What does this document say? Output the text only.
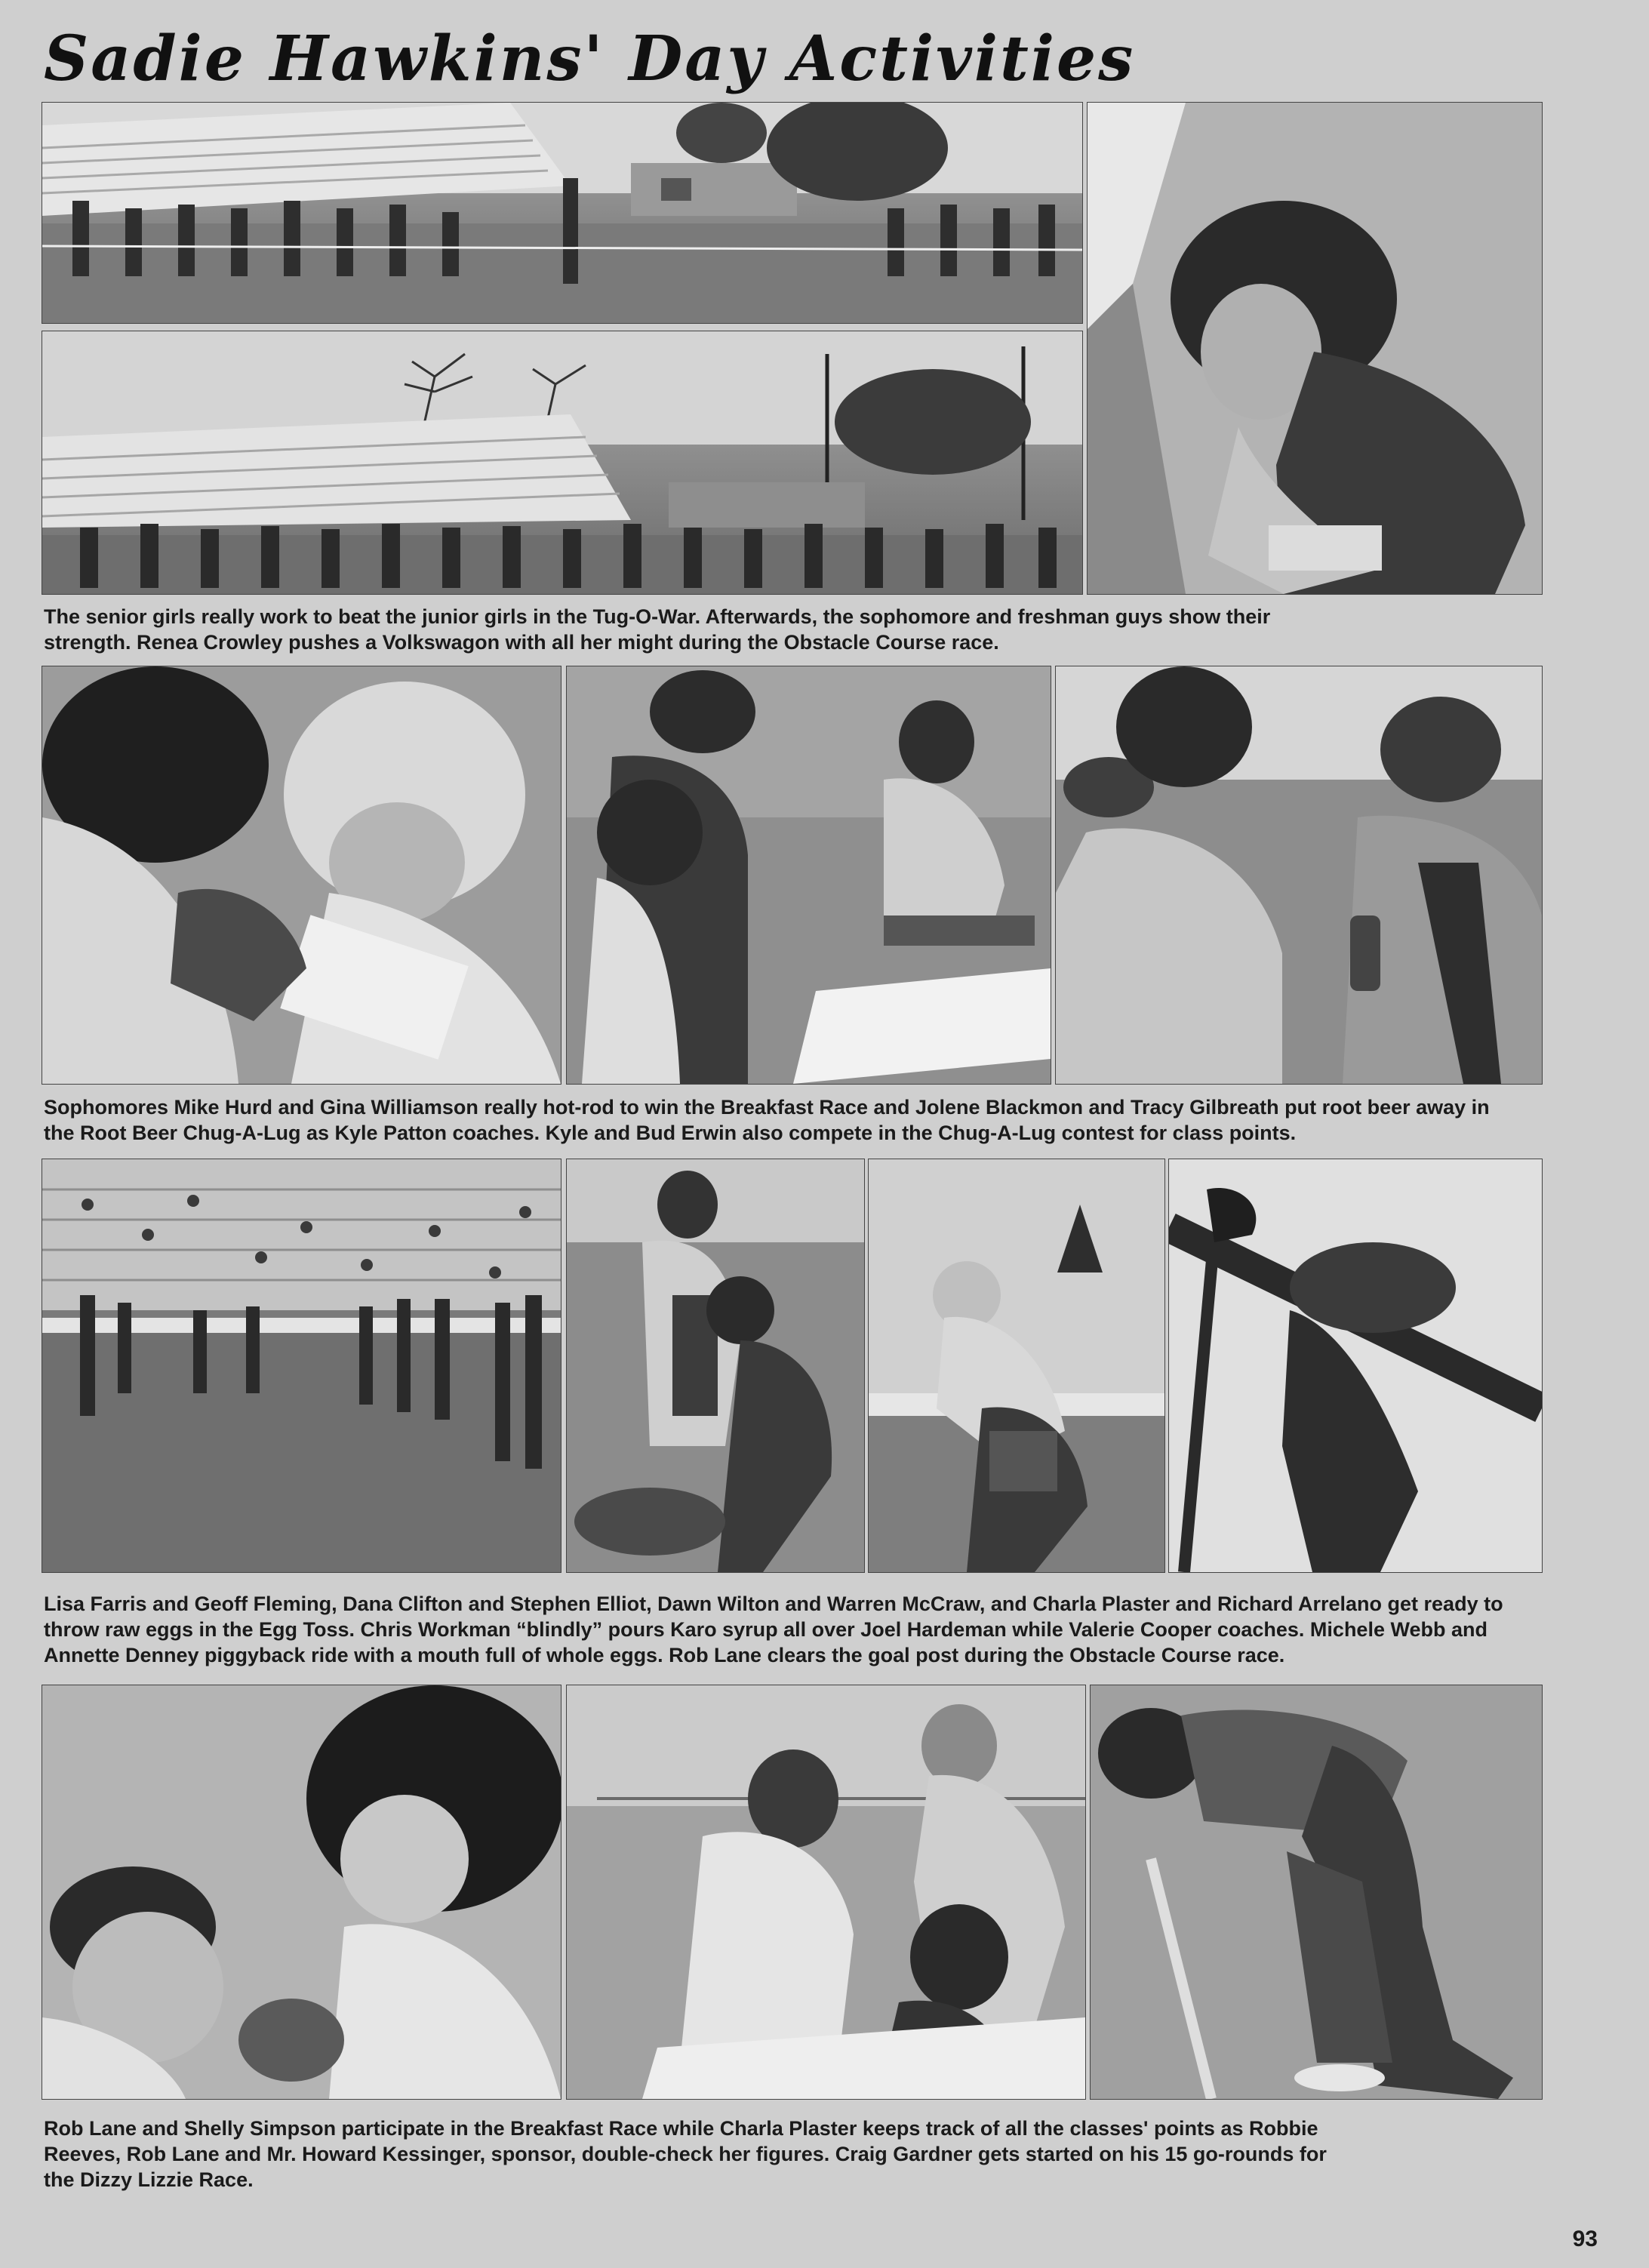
Sadie Hawkins' Day Activities

The senior girls really work to beat the junior girls in the Tug-O-War. Afterwards, the sophomore and freshman guys show their
strength. Renea Crowley pushes a Volkswagon with all her might during the Obstacle Course race.

Sophomores Mike Hurd and Gina Williamson really hot-rod to win the Breakfast Race and Jolene Blackmon and Tracy Gilbreath put root beer away in
the Root Beer Chug-A-Lug as Kyle Patton coaches. Kyle and Bud Erwin also compete in the Chug-A-Lug contest for class points.

Lisa Farris and Geoff Fleming, Dana Clifton and Stephen Elliot, Dawn Wilton and Warren McCraw, and Charla Plaster and Richard Arrelano get ready to
throw raw eggs in the Egg Toss. Chris Workman “blindly” pours Karo syrup all over Joel Hardeman while Valerie Cooper coaches. Michele Webb and
Annette Denney piggyback ride with a mouth full of whole eggs. Rob Lane clears the goal post during the Obstacle Course race.

Rob Lane and Shelly Simpson participate in the Breakfast Race while Charla Plaster keeps track of all the classes' points as Robbie
Reeves, Rob Lane and Mr. Howard Kessinger, sponsor, double-check her figures. Craig Gardner gets started on his 15 go-rounds for
the Dizzy Lizzie Race.

93
